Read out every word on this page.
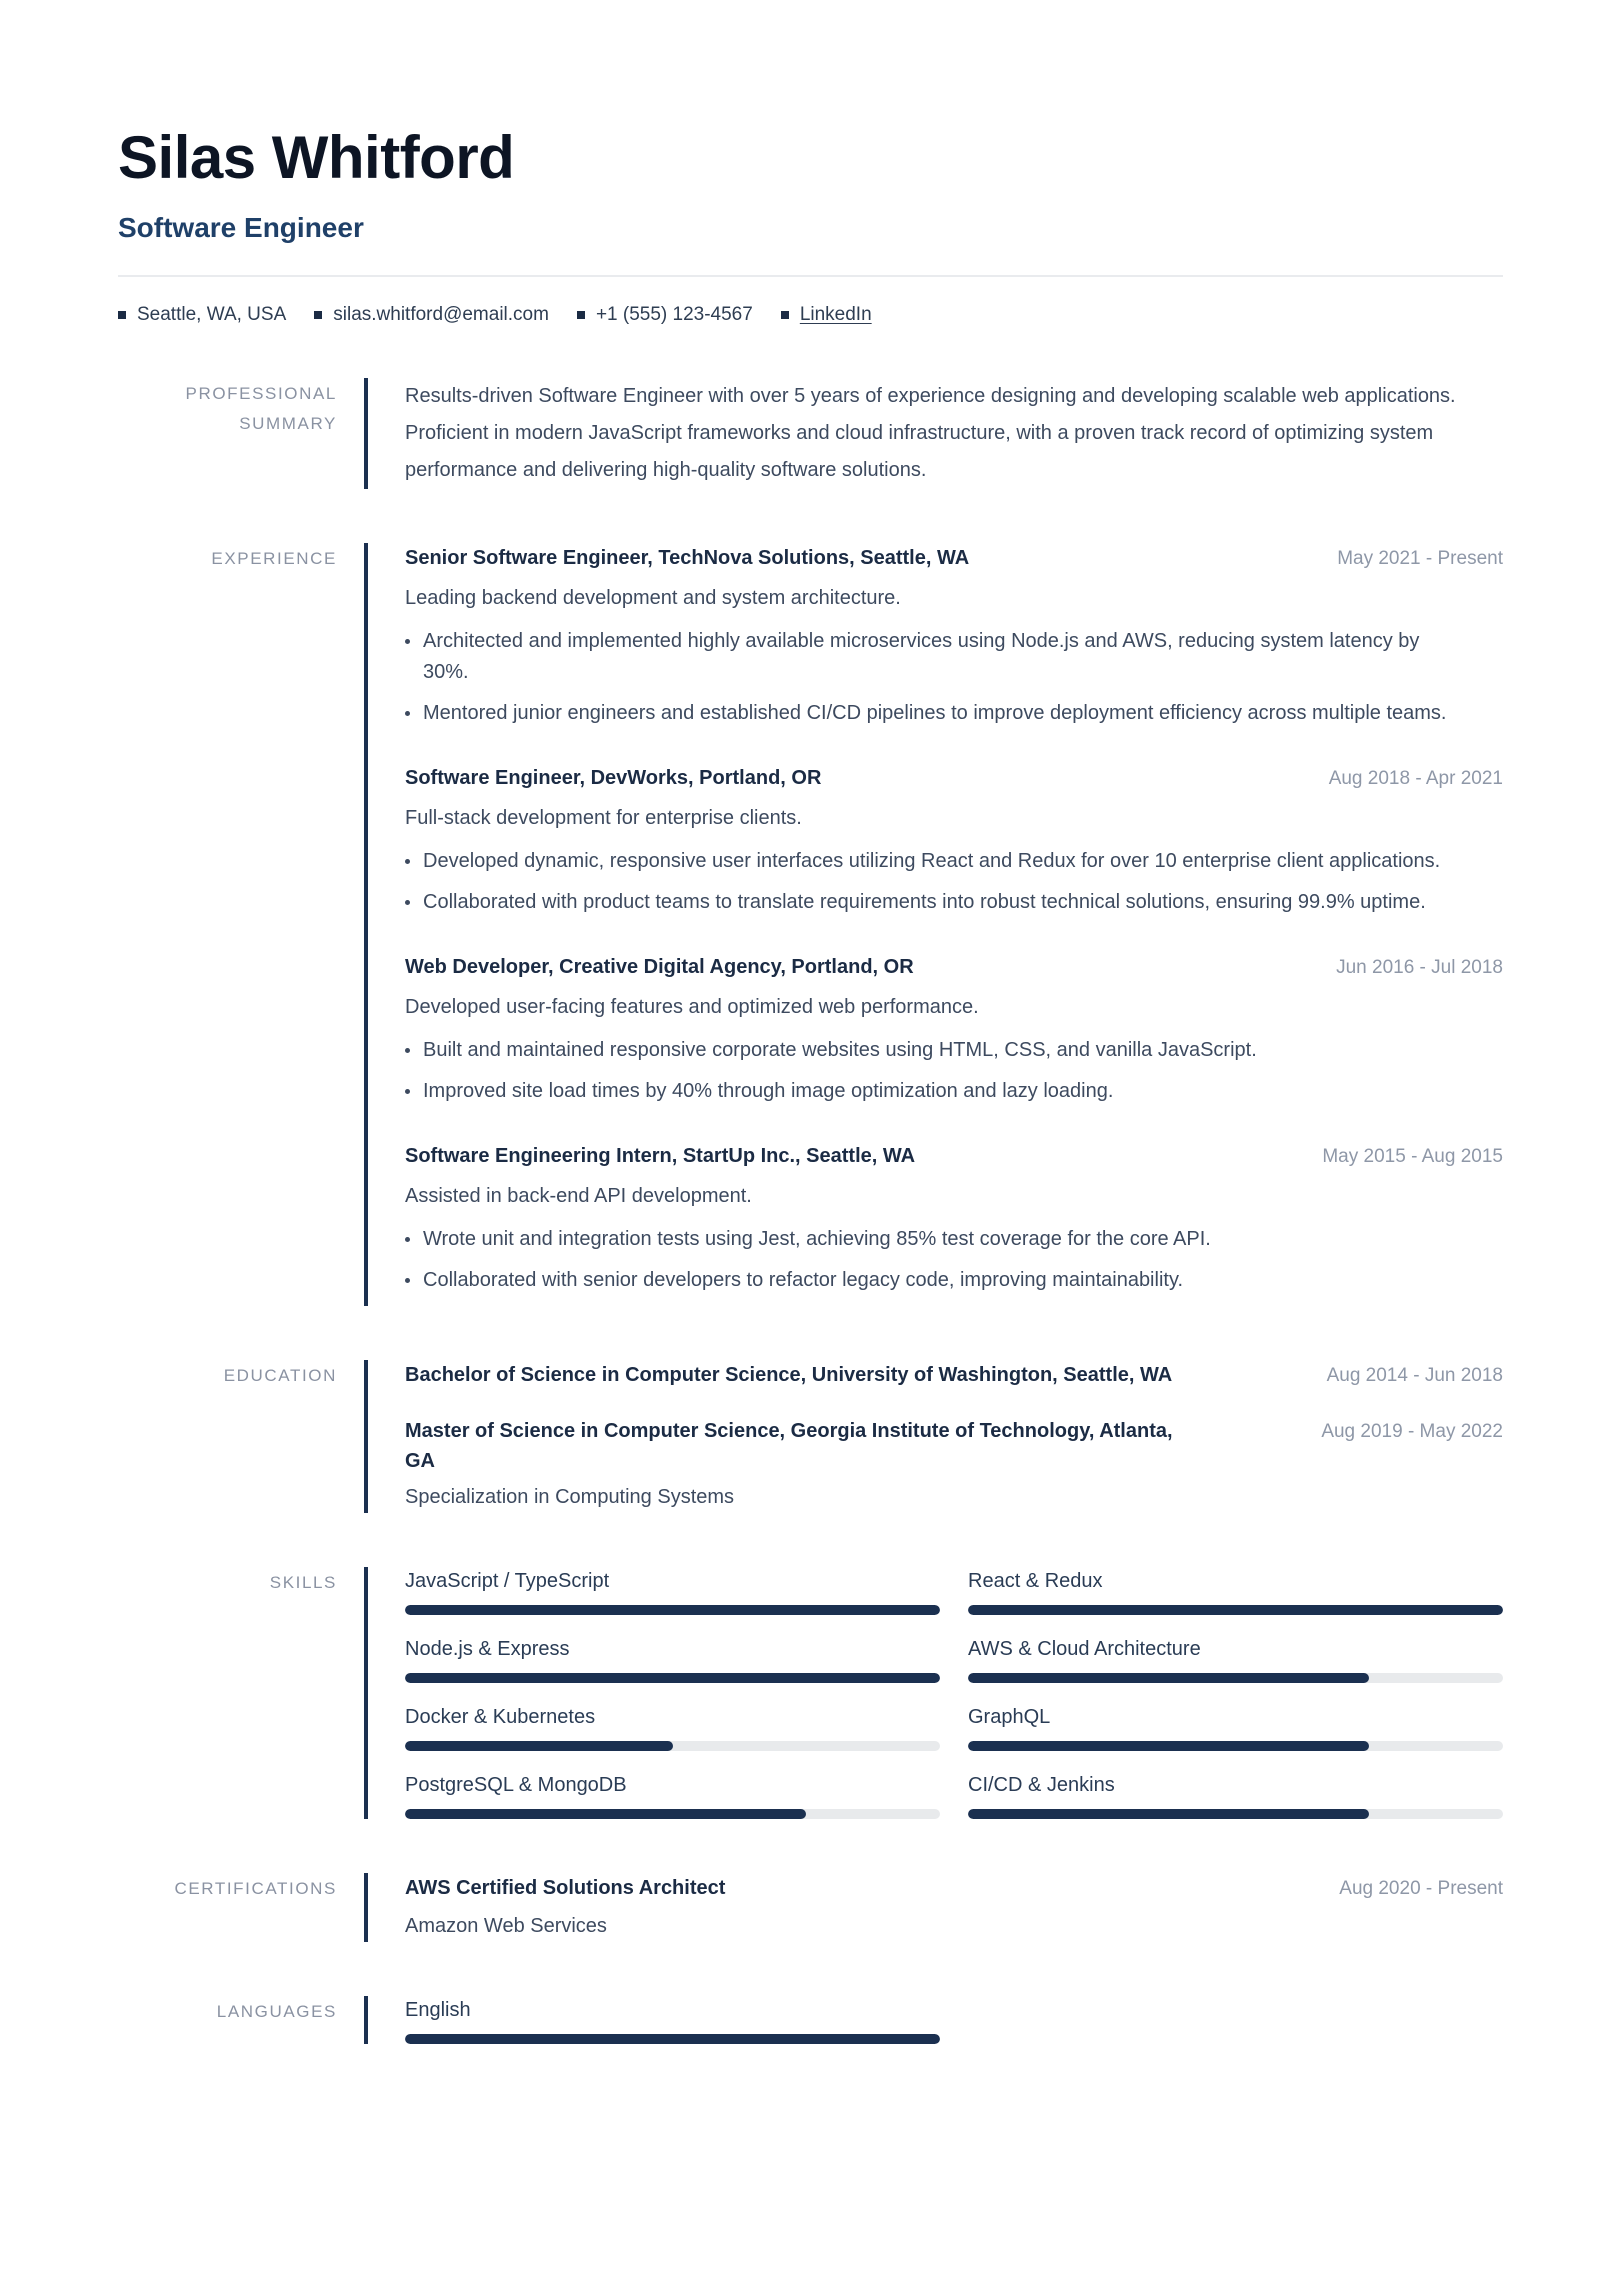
Silas Whitford
Software Engineer
Seattle, WA, USA silas.whitford@email.com +1 (555) 123-4567 LinkedIn
PROFESSIONAL SUMMARY

Results-driven Software Engineer with over 5 years of experience designing and developing scalable web applications. Proficient in modern JavaScript frameworks and cloud infrastructure, with a proven track record of optimizing system performance and delivering high-quality software solutions.

EXPERIENCE	Senior Software Engineer, TechNova Solutions, Seattle, WA	May 2021 - Present
Leading backend development and system architecture.
Architected and implemented highly available microservices using Node.js and AWS, reducing system latency by 30%.
Mentored junior engineers and established CI/CD pipelines to improve deployment efficiency across multiple teams.
Software Engineer, DevWorks, Portland, OR	Aug 2018 - Apr 2021
Full-stack development for enterprise clients.
Developed dynamic, responsive user interfaces utilizing React and Redux for over 10 enterprise client applications.
Collaborated with product teams to translate requirements into robust technical solutions, ensuring 99.9% uptime.
Web Developer, Creative Digital Agency, Portland, OR	Jun 2016 - Jul 2018
Developed user-facing features and optimized web performance.
Built and maintained responsive corporate websites using HTML, CSS, and vanilla JavaScript.
Improved site load times by 40% through image optimization and lazy loading.
Software Engineering Intern, StartUp Inc., Seattle, WA	May 2015 - Aug 2015
Assisted in back-end API development.
Wrote unit and integration tests using Jest, achieving 85% test coverage for the core API.
Collaborated with senior developers to refactor legacy code, improving maintainability.
EDUCATION	Bachelor of Science in Computer Science, University of Washington, Seattle, WA	Aug 2014 - Jun 2018
Master of Science in Computer Science, Georgia Institute of Technology, Atlanta, GA
Aug 2019 - May 2022
Specialization in Computing Systems
SKILLS	JavaScript / TypeScript	React & Redux
Node.js & Express	AWS & Cloud Architecture
Docker & Kubernetes	GraphQL
PostgreSQL & MongoDB	CI/CD & Jenkins
CERTIFICATIONS	AWS Certified Solutions Architect	Aug 2020 - Present
Amazon Web Services
LANGUAGES	English
